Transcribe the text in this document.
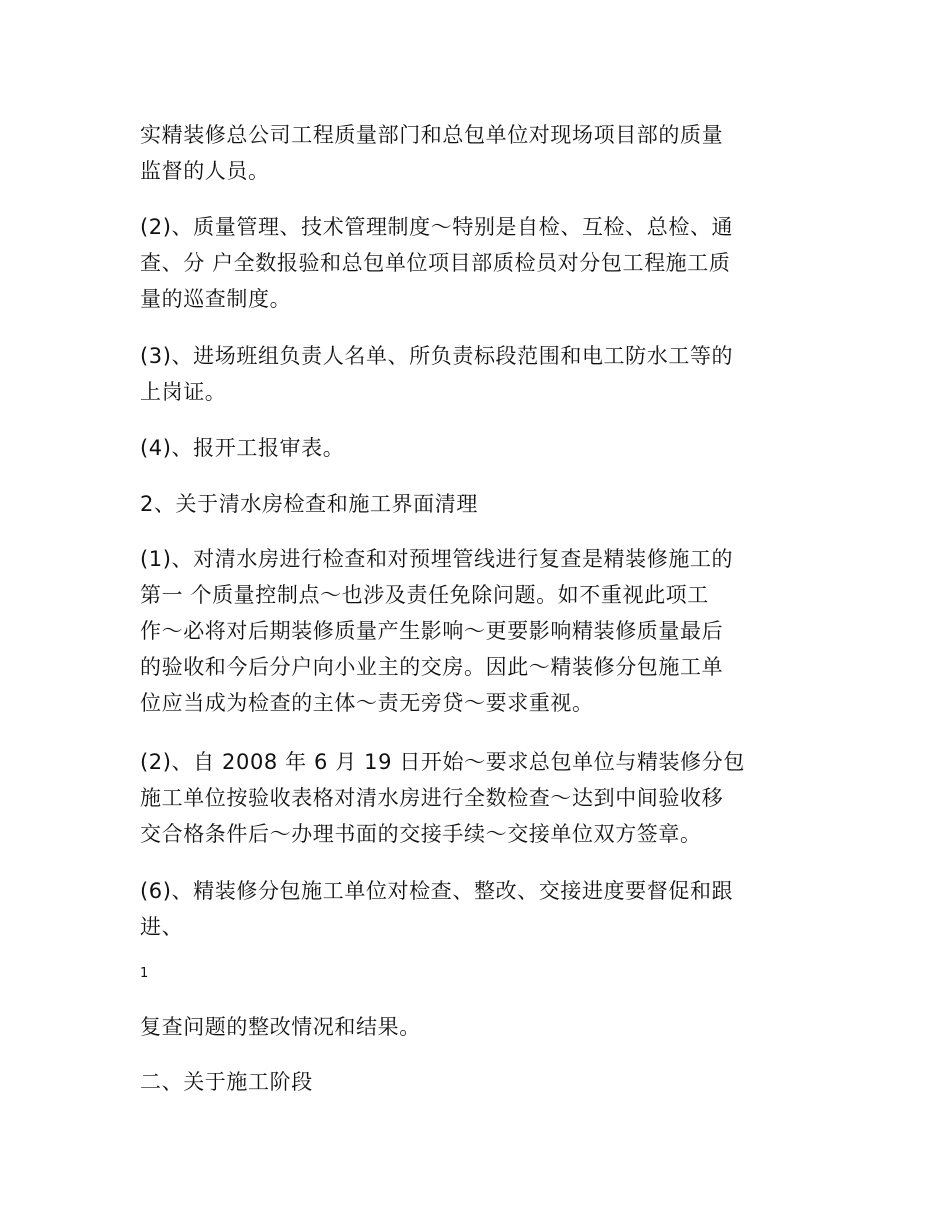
实精装修总公司工程质量部门和总包单位对现场项目部的质量
监督的人员。
(2)、质量管理、技术管理制度～特别是自检、互检、总检、通
查、分 户全数报验和总包单位项目部质检员对分包工程施工质
量的巡查制度。
(3)、进场班组负责人名单、所负责标段范围和电工防水工等的
上岗证。
(4)、报开工报审表。
2、关于清水房检查和施工界面清理
(1)、对清水房进行检查和对预埋管线进行复查是精装修施工的
第一 个质量控制点～也涉及责任免除问题。如不重视此项工
作～必将对后期装修质量产生影响～更要影响精装修质量最后
的验收和今后分户向小业主的交房。因此～精装修分包施工单
位应当成为检查的主体～责无旁贷～要求重视。
(2)、自 2008 年 6 月 19 日开始～要求总包单位与精装修分包
施工单位按验收表格对清水房进行全数检查～达到中间验收移
交合格条件后～办理书面的交接手续～交接单位双方签章。
(6)、精装修分包施工单位对检查、整改、交接进度要督促和跟
进、
1
复查问题的整改情况和结果。
二、关于施工阶段
